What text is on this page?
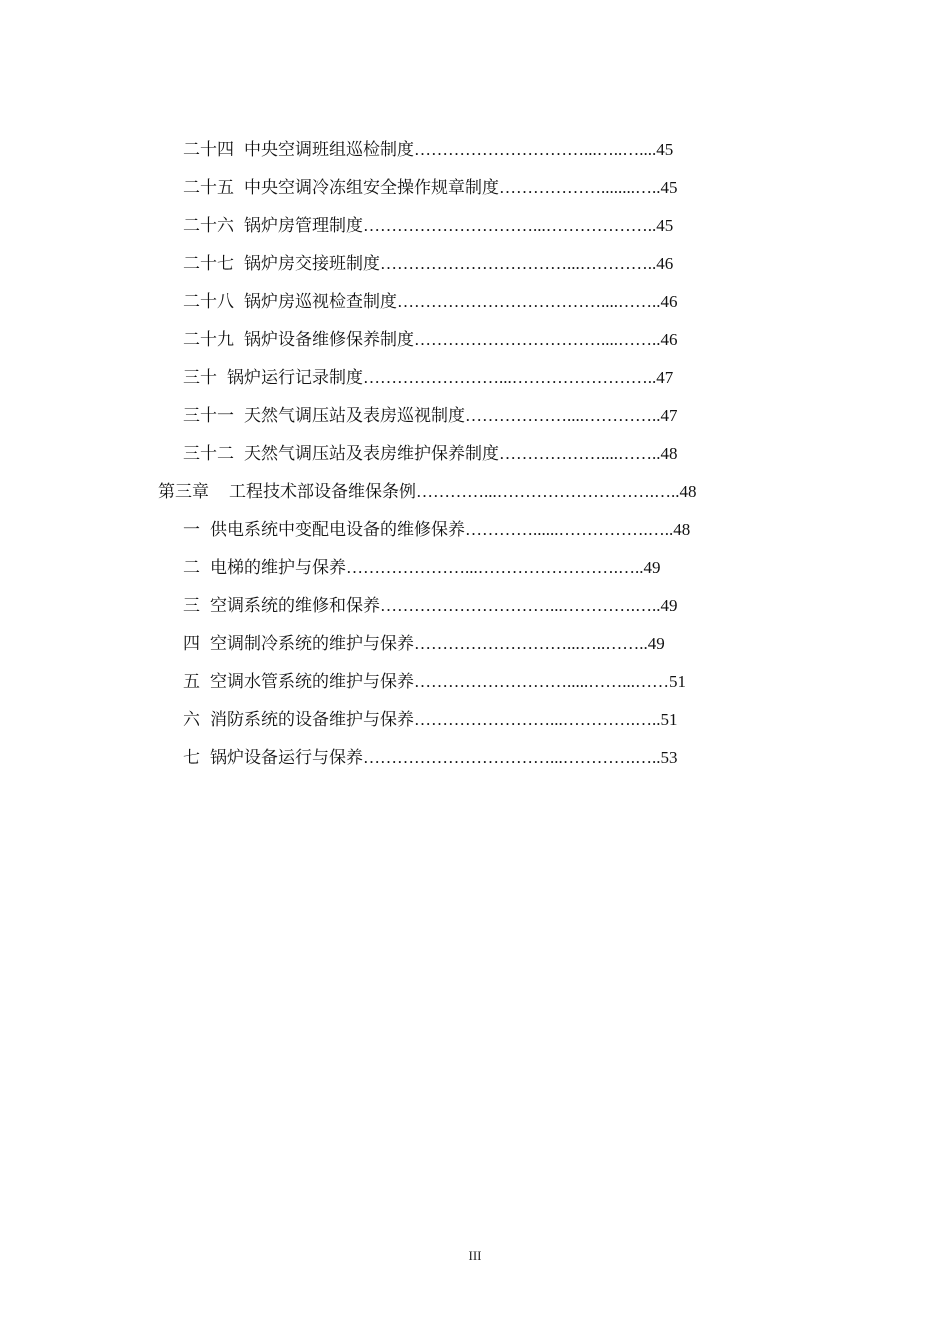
二十四 中央空调班组巡检制度…………………………...…..…....45
二十五 中央空调冷冻组安全操作规章制度………………........…..45
二十六 锅炉房管理制度…………………………...………………..45
二十七 锅炉房交接班制度……………………………...…………..46
二十八 锅炉房巡视检查制度………………………………....……..46
二十九 锅炉设备维修保养制度……………………………....……..46
三十 锅炉运行记录制度……………………...……………………..47
三十一 天然气调压站及表房巡视制度………………....…………..47
三十二 天然气调压站及表房维护保养制度………………....……..48
第三章 工程技术部设备维保条例…………...……………………….…..48
一 供电系统中变配电设备的维修保养…………......…………….…..48
二 电梯的维护与保养…………………...…………………….…..49
三 空调系统的维修和保养…………………………...………….…..49
四 空调制冷系统的维护与保养………………………...…..……..49
五 空调水管系统的维护与保养……………………….....……...……51
六 消防系统的设备维护与保养……………………...………….…..51
七 锅炉设备运行与保养……………………………...………….…..53
III
